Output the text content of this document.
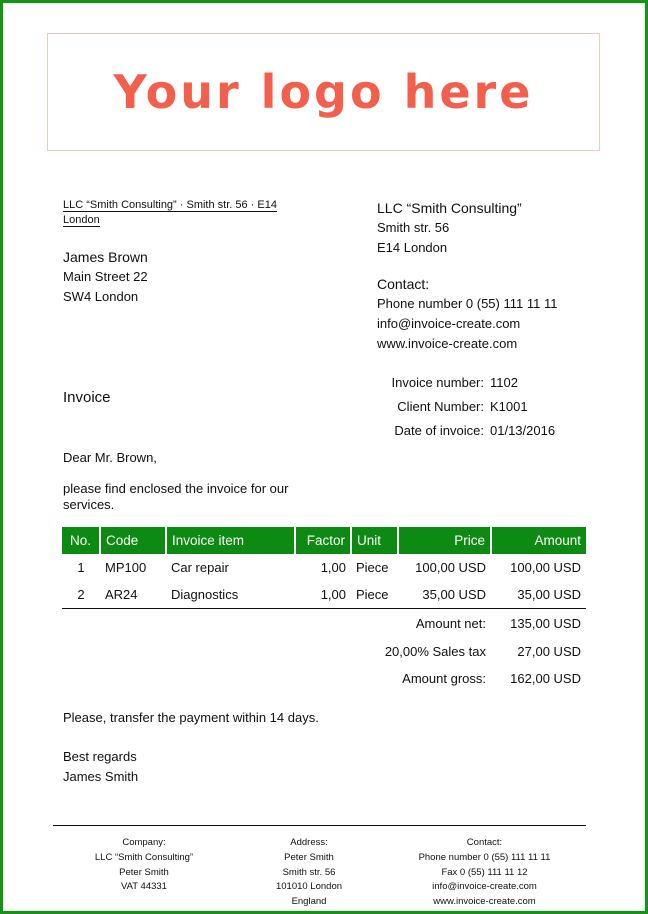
Your logo here
LLC “Smith Consulting” · Smith str. 56 · E14 London
James Brown
Main Street 22
SW4 London
LLC “Smith Consulting”
Smith str. 56
E14 London
Contact:
Phone number 0 (55) 111 11 11
info@invoice-create.com
www.invoice-create.com
Invoice
Invoice number:	1102
Client Number:	K1001
Date of invoice:	01/13/2016
Dear Mr. Brown,
please find enclosed the invoice for our services.
No.	Code	Invoice item	Factor	Unit	Price	Amount
1	MP100	Car repair	1,00	Piece	100,00 USD	100,00 USD
2	AR24	Diagnostics	1,00	Piece	35,00 USD	35,00 USD
Amount net:	135,00 USD
20,00% Sales tax	27,00 USD
Amount gross:	162,00 USD
Please, transfer the payment within 14 days.
Best regards
James Smith
Company:
LLC “Smith Consulting”
Peter Smith
VAT 44331
Address:
Peter Smith
Smith str. 56
101010 London
England
Contact:
Phone number 0 (55) 111 11 11
Fax 0 (55) 111 11 12
info@invoice-create.com
www.invoice-create.com
